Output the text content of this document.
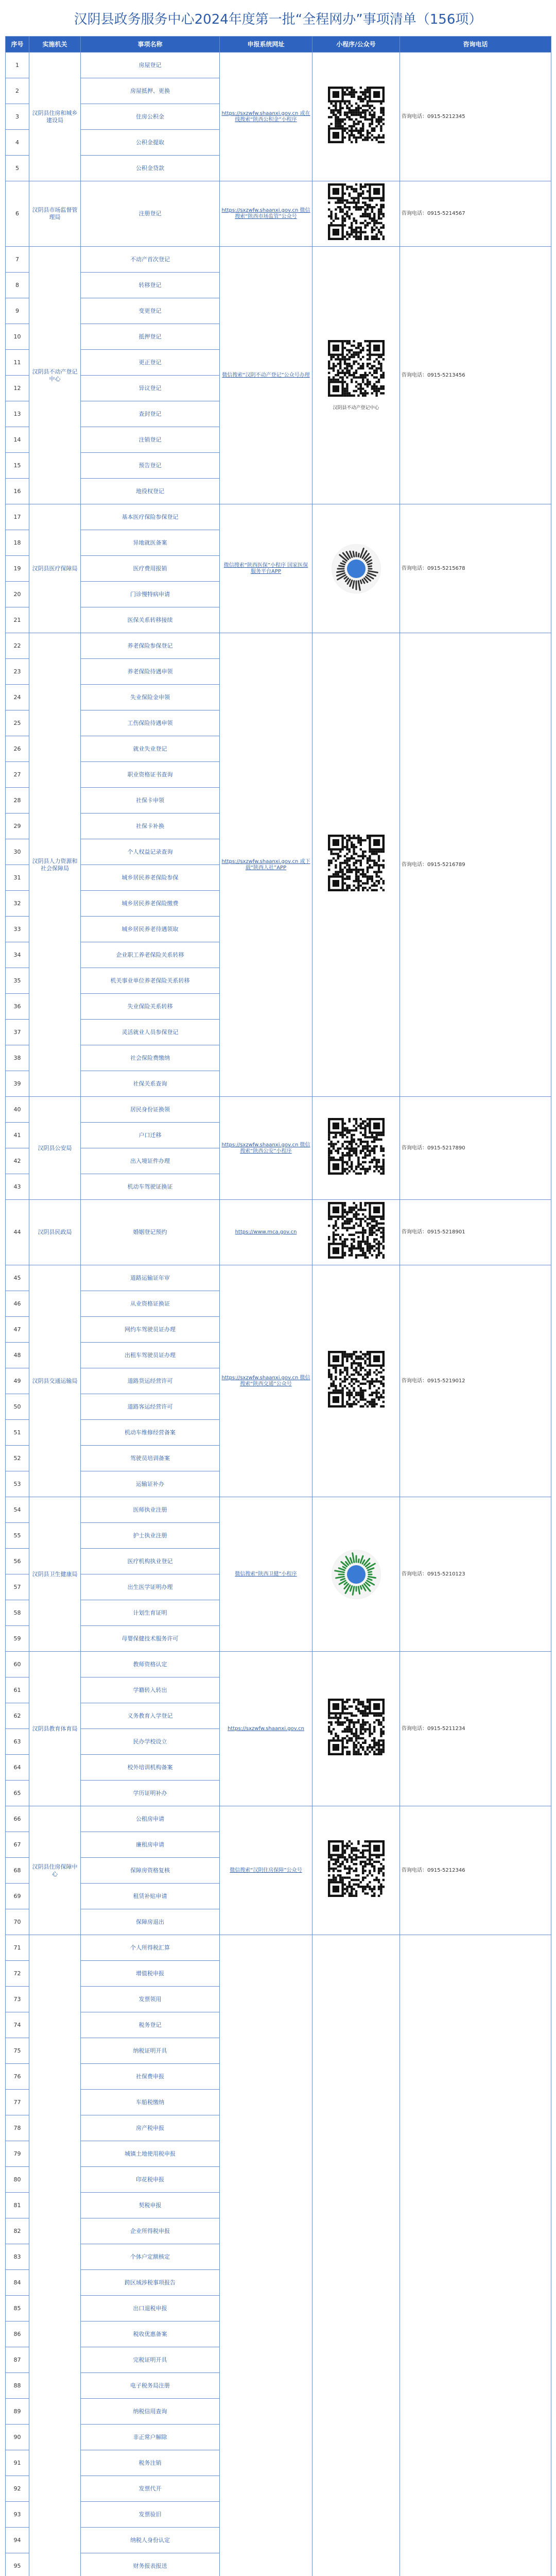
汉阴县政务服务中心2024年度第一批“全程网办”事项清单（156项）
序号	实施机关	事项名称	申报系统网址	小程序/公众号	咨询电话
1	汉阴县住房和城乡建设局	房屋登记	https://sxzwfw.shaanxi.gov.cn 或在线搜索“陕西公积金”小程序		咨询电话：0915-5212345
2		房屋抵押、更换			
3		住房公积金			
4		公积金提取			
5		公积金贷款			
6	汉阴县市场监督管理局	注册登记	https://sxzwfw.shaanxi.gov.cn 微信搜索“陕西市场监管”公众号		咨询电话：0915-5214567
7	汉阴县不动产登记中心	不动产首次登记	微信搜索“汉阴不动产登记”公众号办理	汉阴县不动产登记中心	咨询电话：0915-5213456
8		转移登记			
9		变更登记			
10		抵押登记			
11		更正登记			
12		异议登记			
13		查封登记			
14		注销登记			
15		预告登记			
16		地役权登记			
17	汉阴县医疗保障局	基本医疗保险参保登记	微信搜索“陕西医保”小程序 国家医保服务平台APP		咨询电话：0915-5215678
18		异地就医备案			
19		医疗费用报销			
20		门诊慢特病申请			
21		医保关系转移接续			
22	汉阴县人力资源和社会保障局	养老保险参保登记	https://sxzwfw.shaanxi.gov.cn 或下载“陕西人社”APP		咨询电话：0915-5216789
23		养老保险待遇申领			
24		失业保险金申领			
25		工伤保险待遇申领			
26		就业失业登记			
27		职业资格证书查询			
28		社保卡申领			
29		社保卡补换			
30		个人权益记录查询			
31		城乡居民养老保险参保			
32		城乡居民养老保险缴费			
33		城乡居民养老待遇领取			
34		企业职工养老保险关系转移			
35		机关事业单位养老保险关系转移			
36		失业保险关系转移			
37		灵活就业人员参保登记			
38		社会保险费缴纳			
39		社保关系查询			
40	汉阴县公安局	居民身份证换领	https://sxzwfw.shaanxi.gov.cn 微信搜索“陕西公安”小程序		咨询电话：0915-5217890
41		户口迁移			
42		出入境证件办理			
43		机动车驾驶证换证			
44	汉阴县民政局	婚姻登记预约	https://www.mca.gov.cn		咨询电话：0915-5218901
45	汉阴县交通运输局	道路运输证年审	https://sxzwfw.shaanxi.gov.cn 微信搜索“陕西交通”公众号		咨询电话：0915-5219012
46		从业资格证换证			
47		网约车驾驶员证办理			
48		出租车驾驶员证办理			
49		道路货运经营许可			
50		道路客运经营许可			
51		机动车维修经营备案			
52		驾驶员培训备案			
53		运输证补办			
54	汉阴县卫生健康局	医师执业注册	微信搜索“陕西卫健”小程序		咨询电话：0915-5210123
55		护士执业注册			
56		医疗机构执业登记			
57		出生医学证明办理			
58		计划生育证明			
59		母婴保健技术服务许可			
60	汉阴县教育体育局	教师资格认定	https://sxzwfw.shaanxi.gov.cn		咨询电话：0915-5211234
61		学籍转入转出			
62		义务教育入学登记			
63		民办学校设立			
64		校外培训机构备案			
65		学历证明补办			
66	汉阴县住房保障中心	公租房申请	微信搜索“汉阴住房保障”公众号		咨询电话：0915-5212346
67		廉租房申请			
68		保障房资格复核			
69		租赁补贴申请			
70		保障房退出			
71		个人所得税汇算		

72		增值税申报			
73		发票领用			
74		税务登记			
75		纳税证明开具			
76		社保费申报			
77		车船税缴纳			
78		房产税申报			
79		城镇土地使用税申报			
80		印花税申报			
81		契税申报			
82		企业所得税申报			
83		个体户定额核定			
84		跨区域涉税事项报告			
85		出口退税申报			
86		税收优惠备案			
87		完税证明开具			
88		电子税务局注册			
89		纳税信用查询			
90		非正常户解除			
91		税务注销			
92		发票代开			
93		发票验旧			
94		纳税人身份认定			
95		财务报表报送			
